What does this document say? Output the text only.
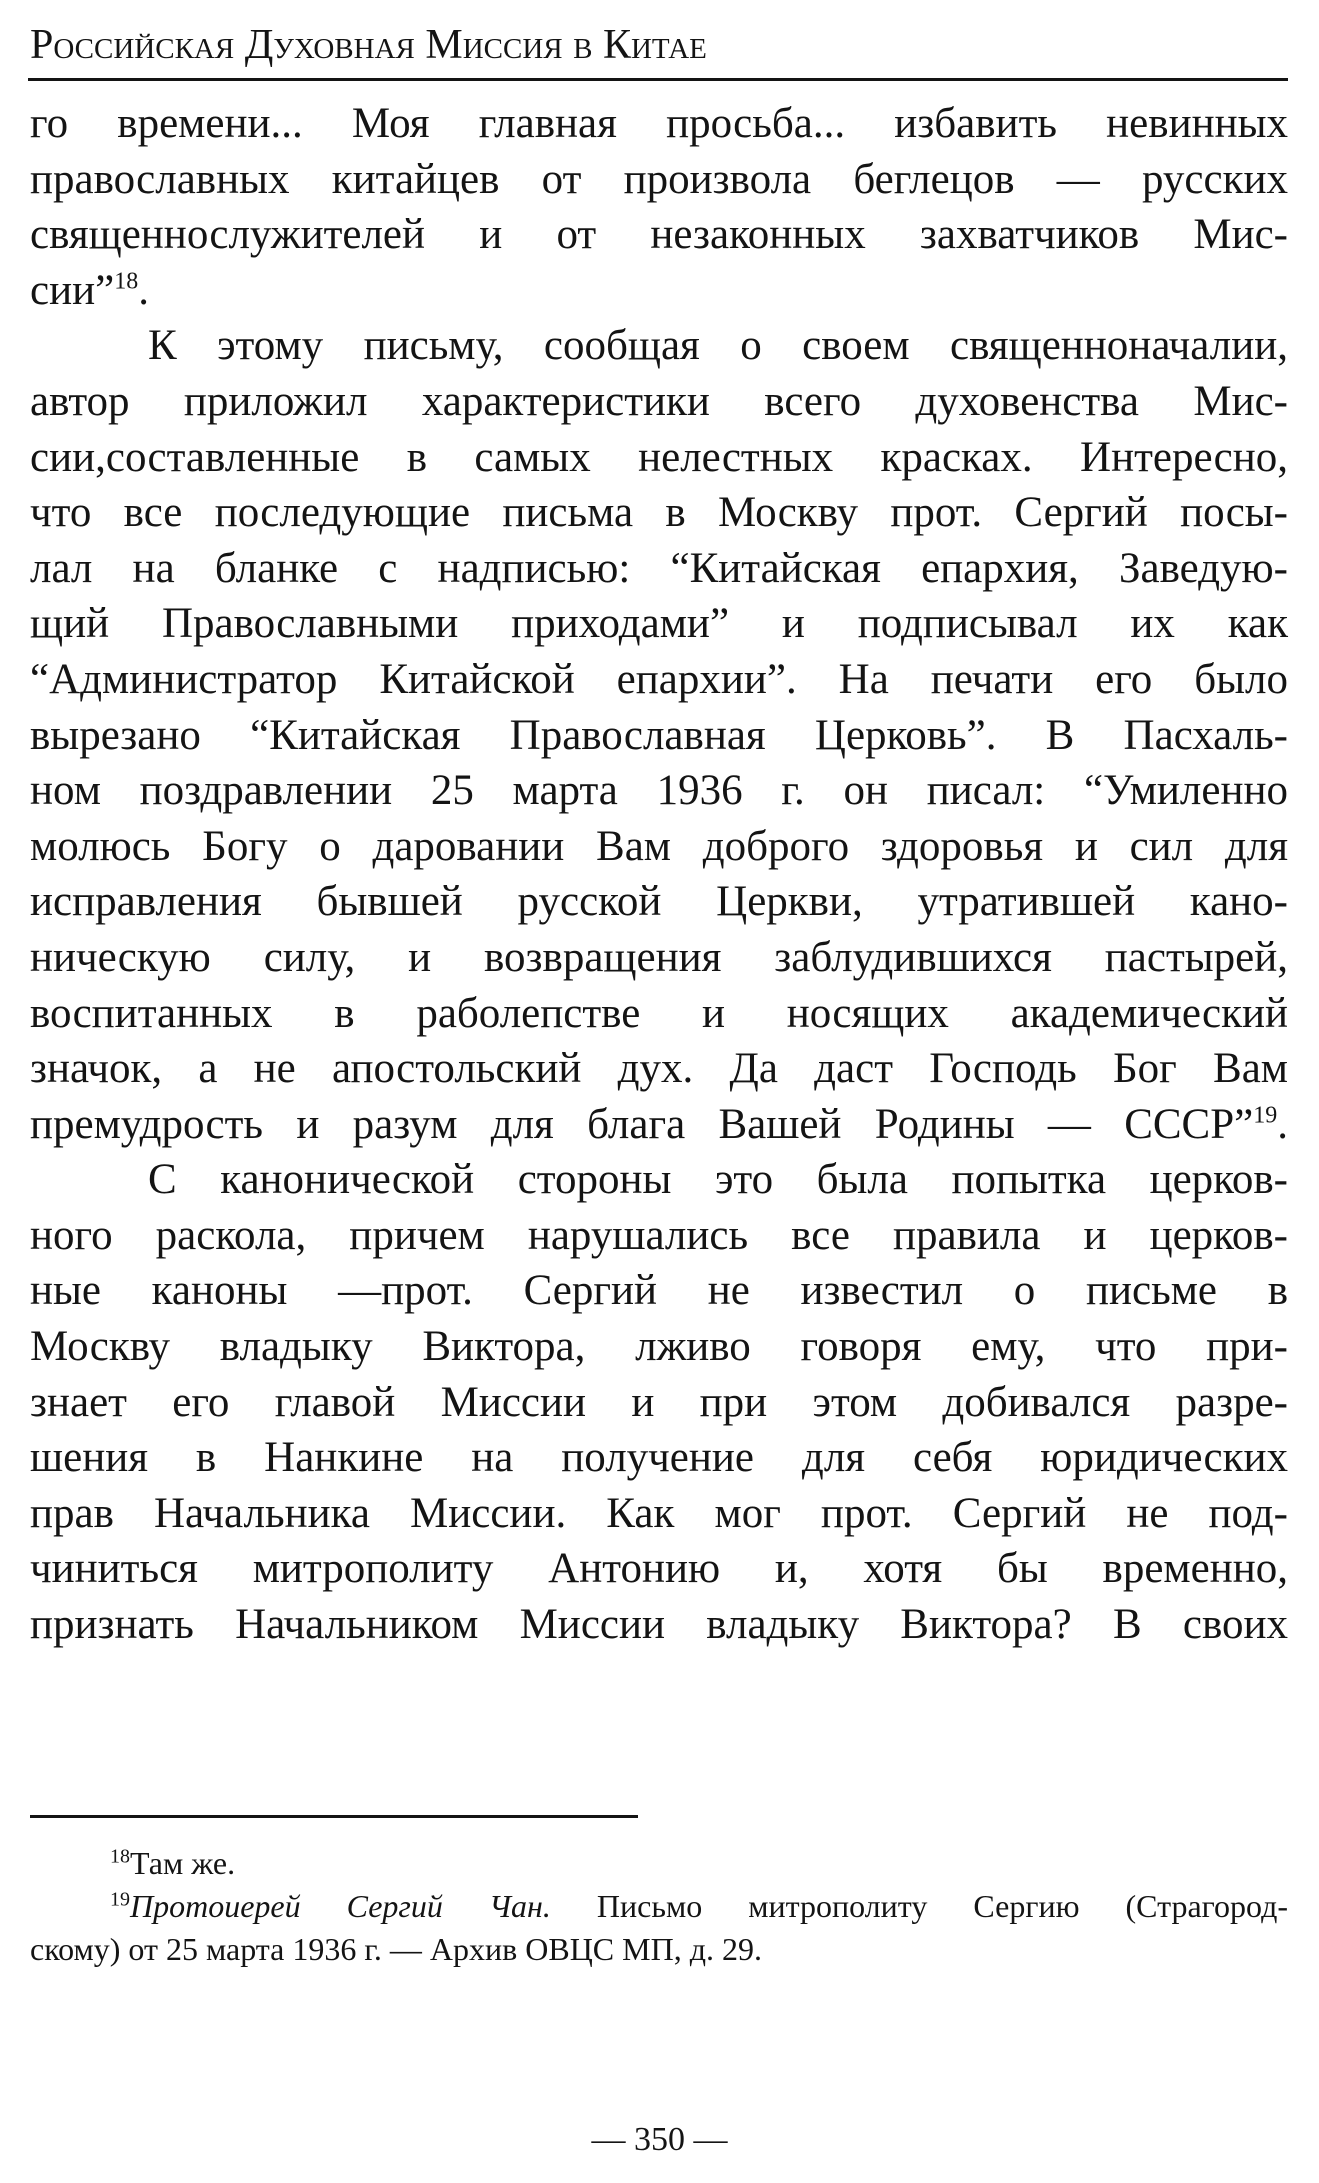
Российская Духовная Миссия в Китае
го времени... Моя главная просьба... избавить невинных
православных китайцев от произвола беглецов — русских
священнослужителей и от незаконных захватчиков Мис-
сии”$^{18}$.
К этому письму, сообщая о своем священноначалии,
автор приложил характеристики всего духовенства Мис-
сии,составленные в самых нелестных красках. Интересно,
что все последующие письма в Москву прот. Сергий посы-
лал на бланке с надписью: “Китайская епархия, Заведую-
щий Православными приходами” и подписывал их как
“Администратор Китайской епархии”. На печати его было
вырезано “Китайская Православная Церковь”. В Пасхаль-
ном поздравлении 25 марта 1936 г. он писал: “Умиленно
молюсь Богу о даровании Вам доброго здоровья и сил для
исправления бывшей русской Церкви, утратившей кано-
ническую силу, и возвращения заблудившихся пастырей,
воспитанных в раболепстве и носящих академический
значок, а не апостольский дух. Да даст Господь Бог Вам
премудрость и разум для блага Вашей Родины — СССР”$^{19}$.
С канонической стороны это была попытка церков-
ного раскола, причем нарушались все правила и церков-
ные каноны —прот. Сергий не известил о письме в
Москву владыку Виктора, лживо говоря ему, что при-
знает его главой Миссии и при этом добивался разре-
шения в Нанкине на получение для себя юридических
прав Начальника Миссии. Как мог прот. Сергий не под-
чиниться митрополиту Антонию и, хотя бы временно,
признать Начальником Миссии владыку Виктора? В своих
$^{18}$Там же.
$^{19}$Протоиерей Сергий Чан. Письмо митрополиту Сергию (Страгород-
скому) от 25 марта 1936 г. — Архив ОВЦС МП, д. 29.
— 350 —
